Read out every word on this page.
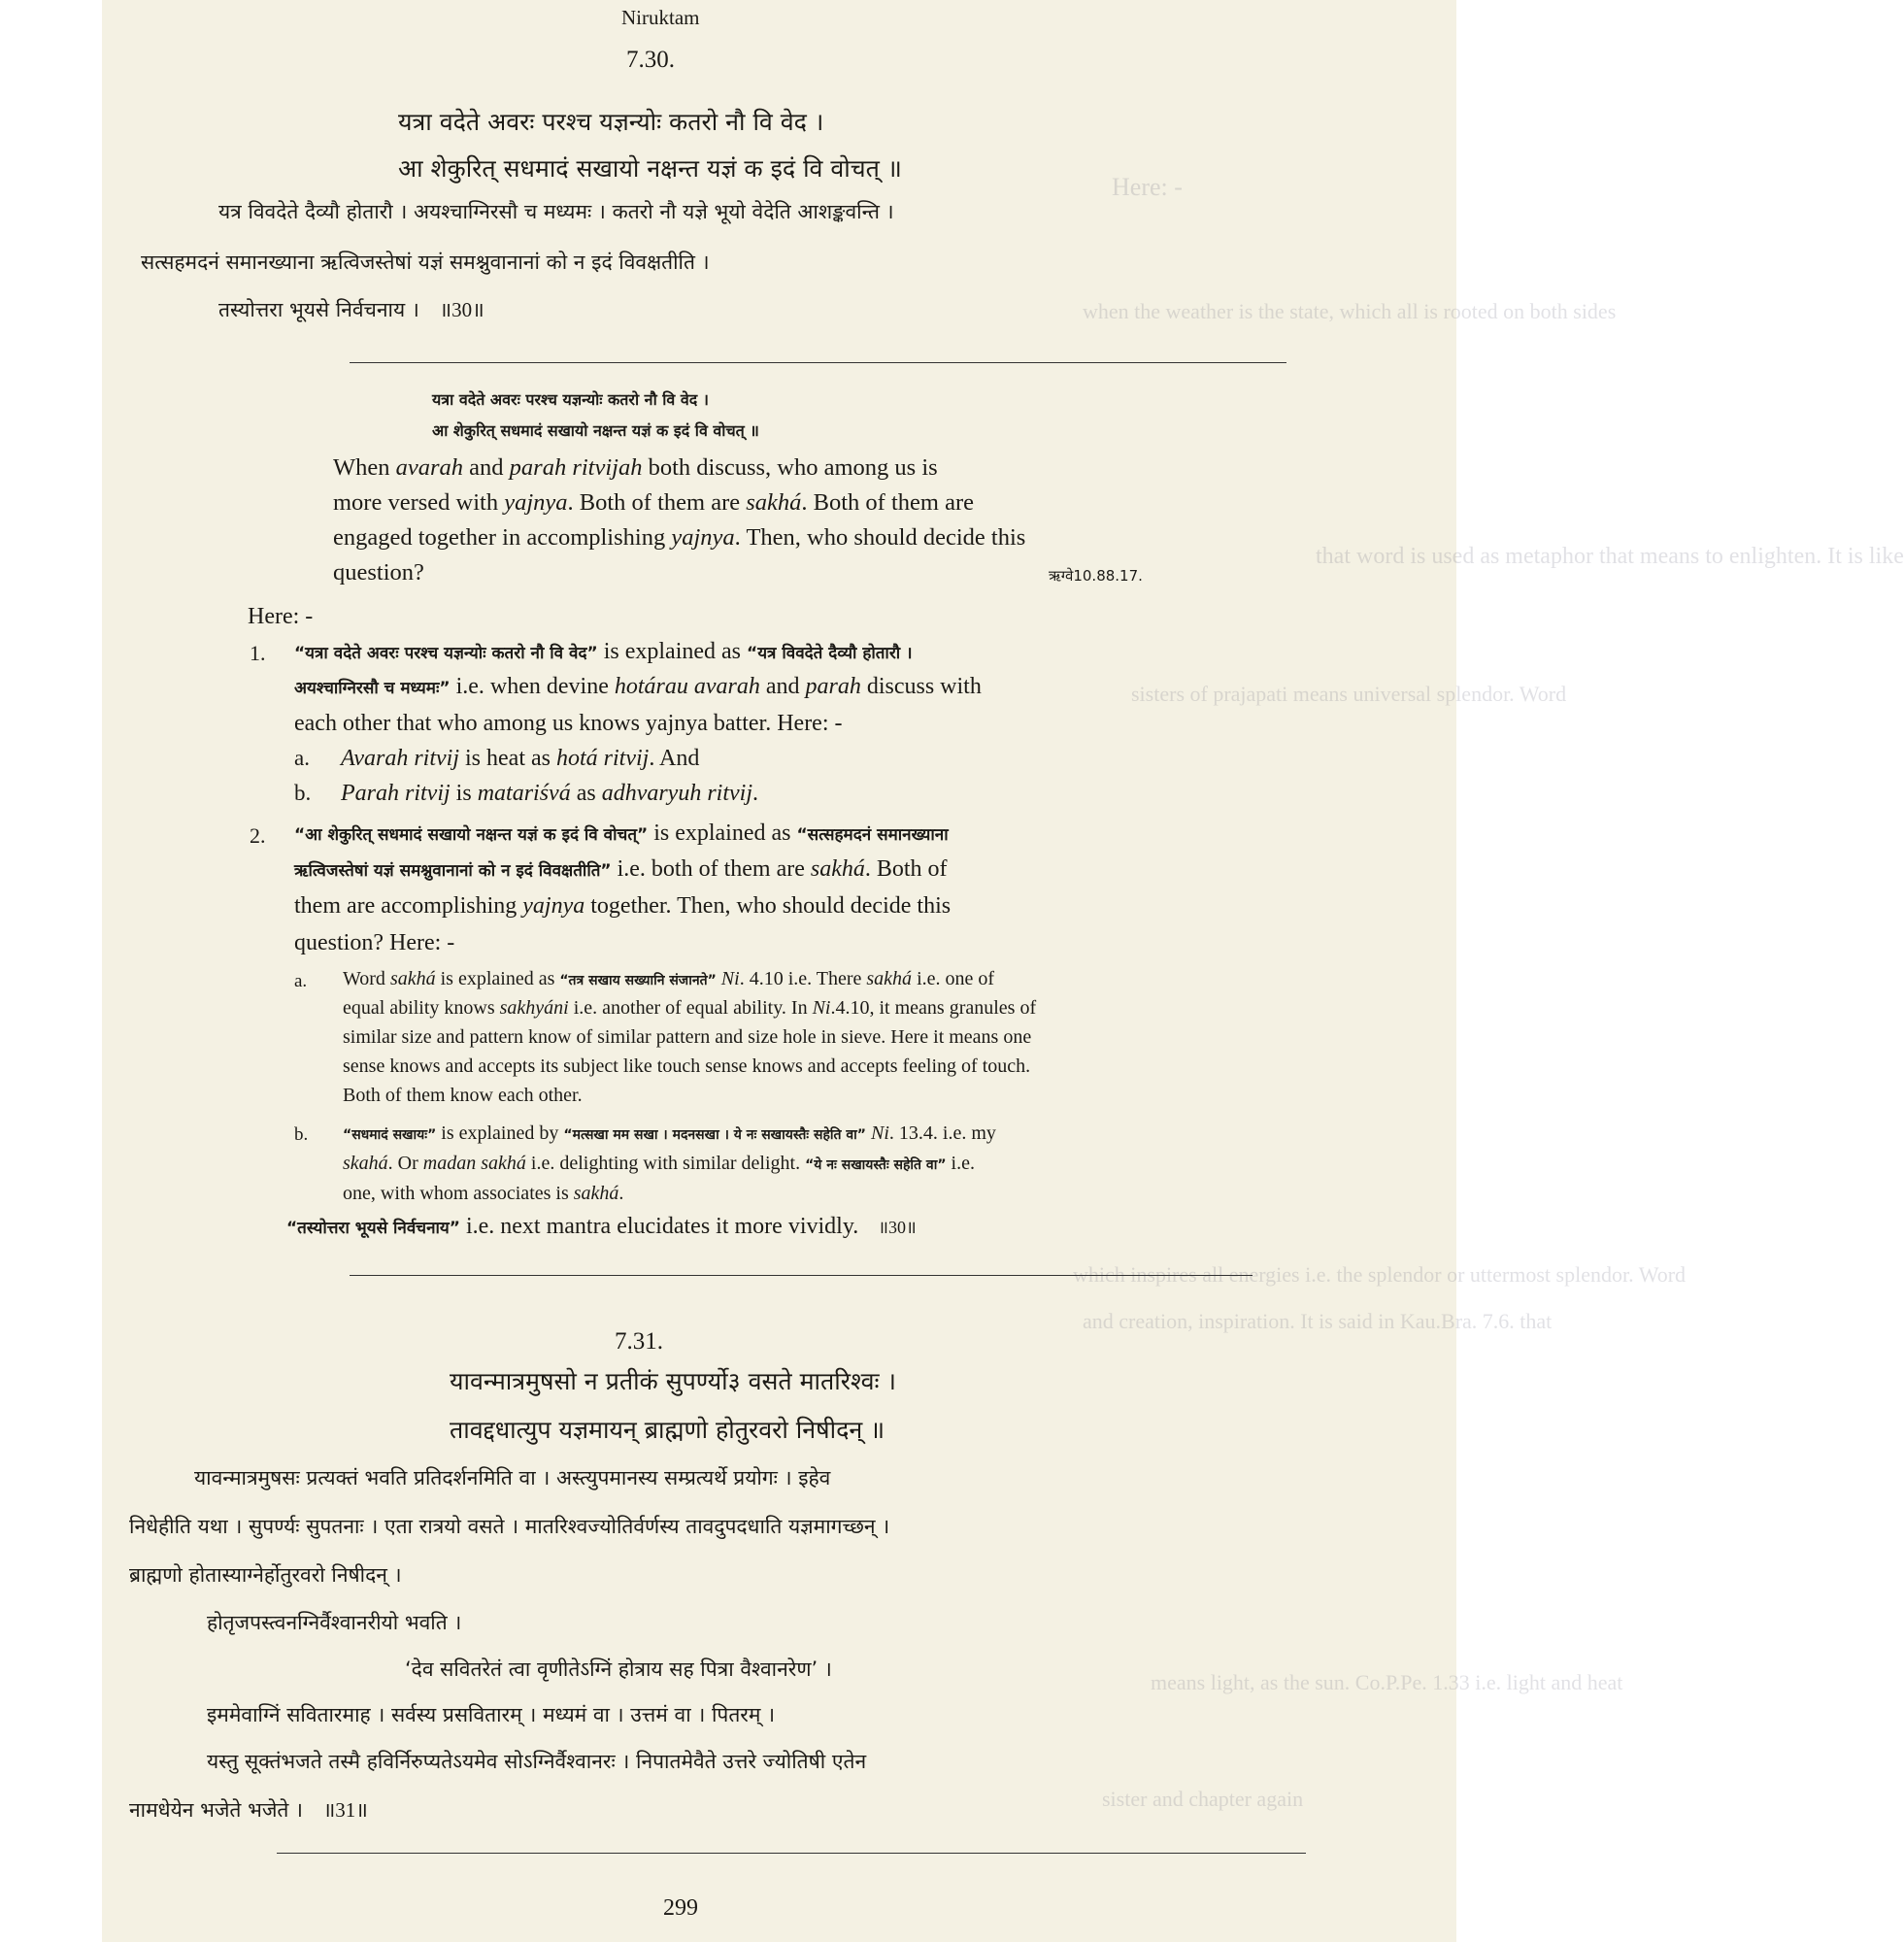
Here: -
when the weather is the state, which all is rooted on both sides
that word is used as metaphor that means to enlighten. It is like
sisters of prajapati means universal splendor. Word
which inspires all energies i.e. the splendor or uttermost splendor. Word
and creation, inspiration. It is said in Kau.Bra. 7.6. that
means light, as the sun. Co.P.Pe. 1.33 i.e. light and heat
sister and chapter again
Niruktam
7.30.
यत्रा वदेते अवरः परश्च यज्ञन्योः कतरो नौ वि वेद ।
आ शेकुरित् सधमादं सखायो नक्षन्त यज्ञं क इदं वि वोचत् ॥
यत्र विवदेते दैव्यौ होतारौ । अयश्चाग्निरसौ च मध्यमः । कतरो नौ यज्ञे भूयो वेदेति आशङ्कवन्ति ।
सत्सहमदनं समानख्याना ऋत्विजस्तेषां यज्ञं समश्नुवानानां को न इदं विवक्षतीति ।
तस्योत्तरा भूयसे निर्वचनाय । ॥30॥
यत्रा वदेते अवरः परश्च यज्ञन्योः कतरो नौ वि वेद ।
आ शेकुरित् सधमादं सखायो नक्षन्त यज्ञं क इदं वि वोचत् ॥
When avarah and parah ritvijah both discuss, who among us is
more versed with yajnya. Both of them are sakhá. Both of them are
engaged together in accomplishing yajnya. Then, who should decide this
question?	ऋग्वे10.88.17.
Here: -
1. “यत्रा वदेते अवरः परश्च यज्ञन्योः कतरो नौ वि वेद” is explained as “यत्र विवदेते दैव्यौ होतारौ ।
अयश्चाग्निरसौ च मध्यमः” i.e. when devine hotárau avarah and parah discuss with
each other that who among us knows yajnya batter. Here: -
a. Avarah ritvij is heat as hotá ritvij. And
b. Parah ritvij is matariśvá as adhvaryuh ritvij.
2. “आ शेकुरित् सधमादं सखायो नक्षन्त यज्ञं क इदं वि वोचत्” is explained as “सत्सहमदनं समानख्याना
ऋत्विजस्तेषां यज्ञं समश्नुवानानां को न इदं विवक्षतीति” i.e. both of them are sakhá. Both of
them are accomplishing yajnya together. Then, who should decide this
question? Here: -
a. Word sakhá is explained as “तत्र सखाय सख्यानि संजानते” Ni. 4.10 i.e. There sakhá i.e. one of
equal ability knows sakhyáni i.e. another of equal ability. In Ni.4.10, it means granules of
similar size and pattern know of similar pattern and size hole in sieve. Here it means one
sense knows and accepts its subject like touch sense knows and accepts feeling of touch.
Both of them know each other.
b.	“सधमादं सखायः” is explained by “मत्सखा मम सखा । मदनसखा । ये नः सखायस्तैः सहेति वा” Ni. 13.4. i.e. my
skahá. Or madan sakhá i.e. delighting with similar delight. “ये नः सखायस्तैः सहेति वा” i.e.
one, with whom associates is sakhá.
“तस्योत्तरा भूयसे निर्वचनाय” i.e. next mantra elucidates it more vividly. ॥30॥
7.31.
यावन्मात्रमुषसो न प्रतीकं सुपर्ण्यो३ वसते मातरिश्वः ।
तावद्दधात्युप यज्ञमायन् ब्राह्मणो होतुरवरो निषीदन् ॥
यावन्मात्रमुषसः प्रत्यक्तं भवति प्रतिदर्शनमिति वा । अस्त्युपमानस्य सम्प्रत्यर्थे प्रयोगः । इहेव
निधेहीति यथा । सुपर्ण्यः सुपतनाः । एता रात्रयो वसते । मातरिश्वज्योतिर्वर्णस्य तावदुपदधाति यज्ञमागच्छन् ।
ब्राह्मणो होतास्याग्नेर्होतुरवरो निषीदन् ।
होतृजपस्त्वनग्निर्वैश्वानरीयो भवति ।
‘देव सवितरेतं त्वा वृणीतेऽग्निं होत्राय सह पित्रा वैश्वानरेण’ ।
इममेवाग्निं सवितारमाह । सर्वस्य प्रसवितारम् । मध्यमं वा । उत्तमं वा । पितरम् ।
यस्तु सूक्तंभजते तस्मै हविर्निरुप्यतेऽयमेव सोऽग्निर्वैश्वानरः । निपातमेवैते उत्तरे ज्योतिषी एतेन
नामधेयेन भजेते भजेते । ॥31॥
299
